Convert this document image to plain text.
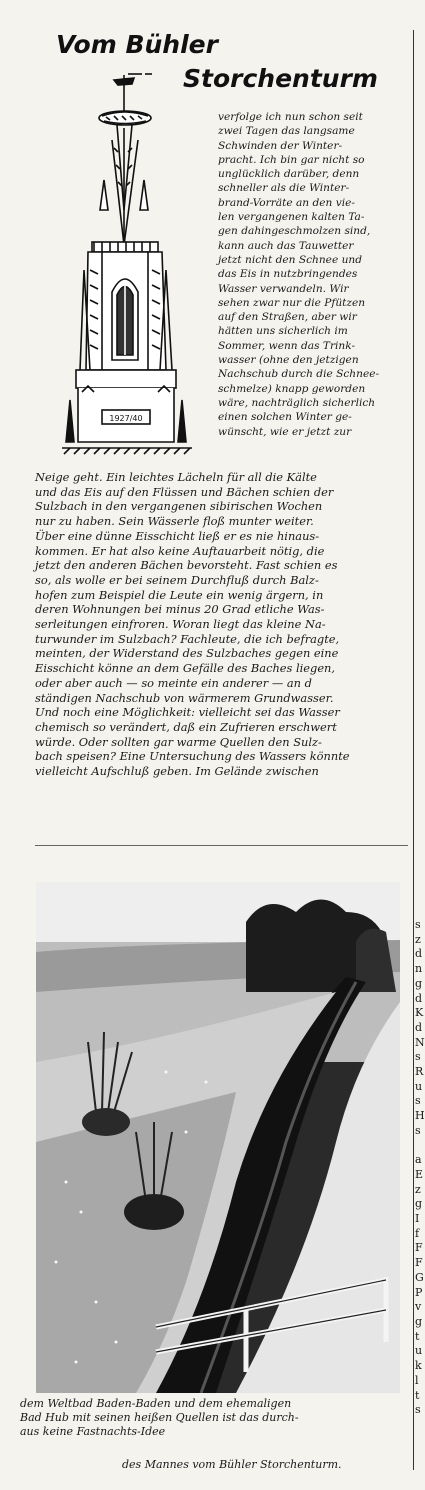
Vom Bühler
Storchenturm
1927/40

verfolge ich nun schon seit
zwei Tagen das langsame
Schwinden der Winter-
pracht. Ich bin gar nicht so
unglücklich darüber, denn
schneller als die Winter-
brand-Vorräte an den vie-
len vergangenen kalten Ta-
gen dahingeschmolzen sind,
kann auch das Tauwetter
jetzt nicht den Schnee und
das Eis in nutzbringendes
Wasser verwandeln. Wir
sehen zwar nur die Pfützen
auf den Straßen, aber wir
hätten uns sicherlich im
Sommer, wenn das Trink-
wasser (ohne den jetzigen
Nachschub durch die Schnee-
schmelze) knapp geworden
wäre, nachträglich sicherlich
einen solchen Winter ge-
wünscht, wie er jetzt zur

Neige geht. Ein leichtes Lächeln für all die Kälte
und das Eis auf den Flüssen und Bächen schien der
Sulzbach in den vergangenen sibirischen Wochen
nur zu haben. Sein Wässerle floß munter weiter.
Über eine dünne Eisschicht ließ er es nie hinaus-
kommen. Er hat also keine Auftauarbeit nötig, die
jetzt den anderen Bächen bevorsteht. Fast schien es
so, als wolle er bei seinem Durchfluß durch Balz-
hofen zum Beispiel die Leute ein wenig ärgern, in
deren Wohnungen bei minus 20 Grad etliche Was-
serleitungen einfroren. Woran liegt das kleine Na-
turwunder im Sulzbach? Fachleute, die ich befragte,
meinten, der Widerstand des Sulzbaches gegen eine
Eisschicht könne an dem Gefälle des Baches liegen,
oder aber auch — so meinte ein anderer — an d
ständigen Nachschub von wärmerem Grundwasser.
Und noch eine Möglichkeit: vielleicht sei das Wasser
chemisch so verändert, daß ein Zufrieren erschwert
würde. Oder sollten gar warme Quellen den Sulz-
bach speisen? Eine Untersuchung des Wassers könnte
vielleicht Aufschluß geben. Im Gelände zwischen

dem Weltbad Baden-Baden und dem ehemaligen
Bad Hub mit seinen heißen Quellen ist das durch-
aus keine Fastnachts-Idee

des Mannes vom Bühler Storchenturm.
s
z
d
n
g
d
K
d
N
s
R
u
s
H
s

a
E
z
g
I
f
F
F
G
P
v
g
t
u
k
l
t
s
